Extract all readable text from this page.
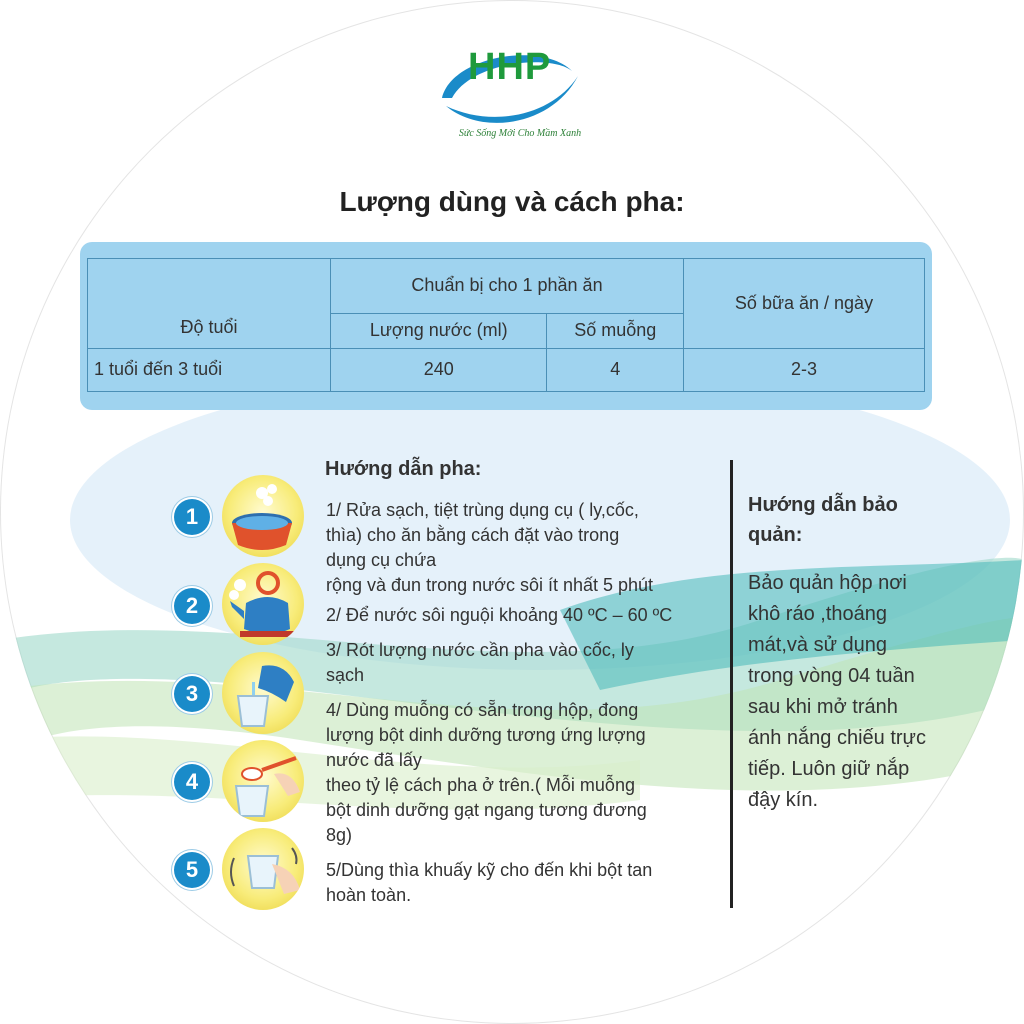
HHP
Sức Sống Mới Cho Mầm Xanh
Lượng dùng và cách pha:
Độ tuổi	Chuẩn bị cho 1 phần ăn		Số bữa ăn / ngày
	Lượng nước (ml)	Số muỗng	
1 tuổi đến 3 tuổi	240	4	2-3
1
2
3
4
5
Hướng dẫn pha:

1/ Rửa sạch, tiệt trùng dụng cụ ( ly,cốc,

thìa) cho ăn bằng cách đặt vào trong

dụng cụ chứa

rộng và đun trong nước sôi ít nhất 5 phút

2/ Để nước sôi nguội khoảng 40 ºC – 60 ºC

3/ Rót lượng nước cần pha vào cốc, ly

sạch

4/ Dùng muỗng có sẵn trong hộp, đong

lượng bột dinh dưỡng tương ứng lượng

nước đã lấy

theo tỷ lệ cách pha ở trên.( Mỗi muỗng

bột dinh dưỡng gạt ngang tương đương

8g)

5/Dùng thìa khuấy kỹ cho đến khi bột tan

hoàn toàn.

Hướng dẫn bảo quản:
Bảo quản hộp nơi khô ráo ,thoáng mát,và sử dụng trong vòng 04 tuần sau khi mở tránh ánh nắng chiếu trực tiếp. Luôn giữ nắp đậy kín.
